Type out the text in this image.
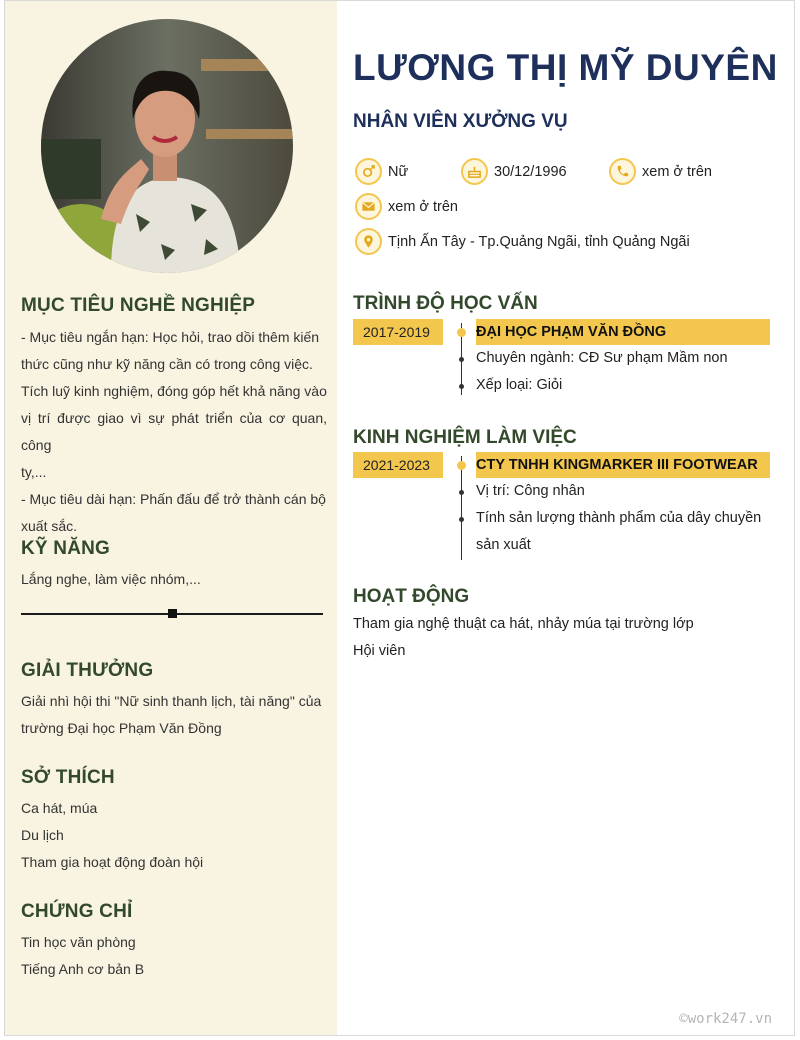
MỤC TIÊU NGHỀ NGHIỆP
- Mục tiêu ngắn hạn: Học hỏi, trao dồi thêm kiến
thức cũng như kỹ năng cần có trong công việc.
Tích luỹ kinh nghiệm, đóng góp hết khả năng vào
vị trí được giao vì sự phát triển của cơ quan, công
ty,...
- Mục tiêu dài hạn: Phấn đấu để trở thành cán bộ
xuất sắc.
KỸ NĂNG
Lắng nghe, làm việc nhóm,...
GIẢI THƯỞNG
Giải nhì hội thi "Nữ sinh thanh lịch, tài năng" của
trường Đại học Phạm Văn Đồng
SỞ THÍCH
Ca hát, múa
Du lịch
Tham gia hoạt động đoàn hội
CHỨNG CHỈ
Tin học văn phòng
Tiếng Anh cơ bản B
LƯƠNG THỊ MỸ DUYÊN
NHÂN VIÊN XƯỞNG VỤ
Nữ	30/12/1996	xem ở trên
xem ở trên
Tịnh Ấn Tây - Tp.Quảng Ngãi, tỉnh Quảng Ngãi
TRÌNH ĐỘ HỌC VẤN
2017-2019	ĐẠI HỌC PHẠM VĂN ĐỒNG
Chuyên ngành: CĐ Sư phạm Mầm non
Xếp loại: Giỏi
KINH NGHIỆM LÀM VIỆC
2021-2023	CTY TNHH KINGMARKER III FOOTWEAR
Vị trí: Công nhân
Tính sản lượng thành phẩm của dây chuyền
sản xuất
HOẠT ĐỘNG
Tham gia nghệ thuật ca hát, nhảy múa tại trường lớp
Hội viên
©work247.vn
